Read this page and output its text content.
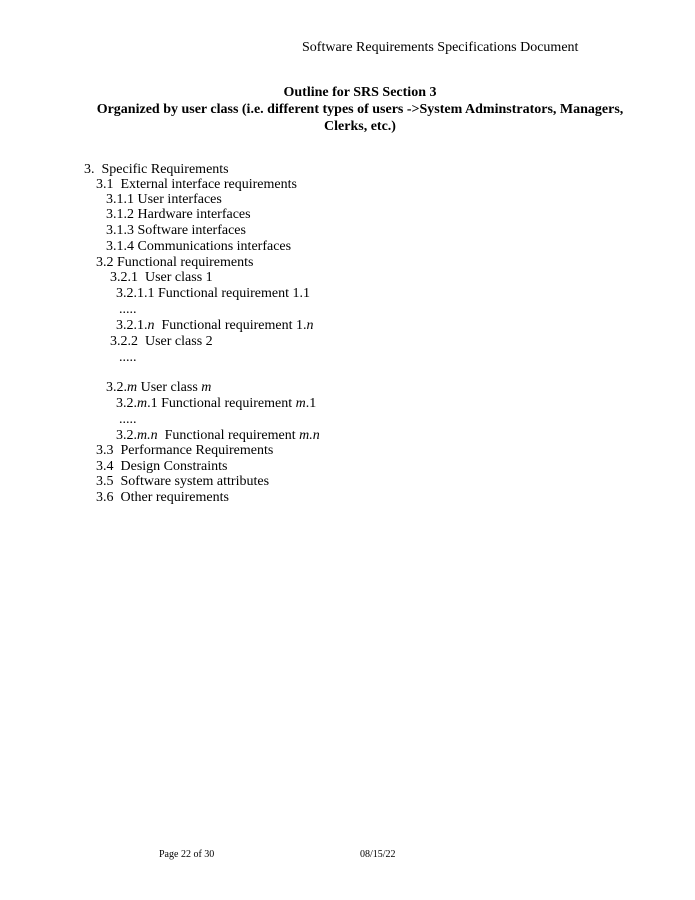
Software Requirements Specifications Document
Outline for SRS Section 3
Organized by user class (i.e. different types of users ->System Adminstrators, Managers,
Clerks, etc.)
3.  Specific Requirements
3.1  External interface requirements
3.1.1 User interfaces
3.1.2 Hardware interfaces
3.1.3 Software interfaces
3.1.4 Communications interfaces
3.2 Functional requirements
3.2.1  User class 1
3.2.1.1 Functional requirement 1.1
.....
3.2.1.n  Functional requirement 1.n
3.2.2  User class 2
.....
3.2.m User class m
3.2.m.1 Functional requirement m.1
.....
3.2.m.n  Functional requirement m.n
3.3  Performance Requirements
3.4  Design Constraints
3.5  Software system attributes
3.6  Other requirements
Page 22 of 30	08/15/22
